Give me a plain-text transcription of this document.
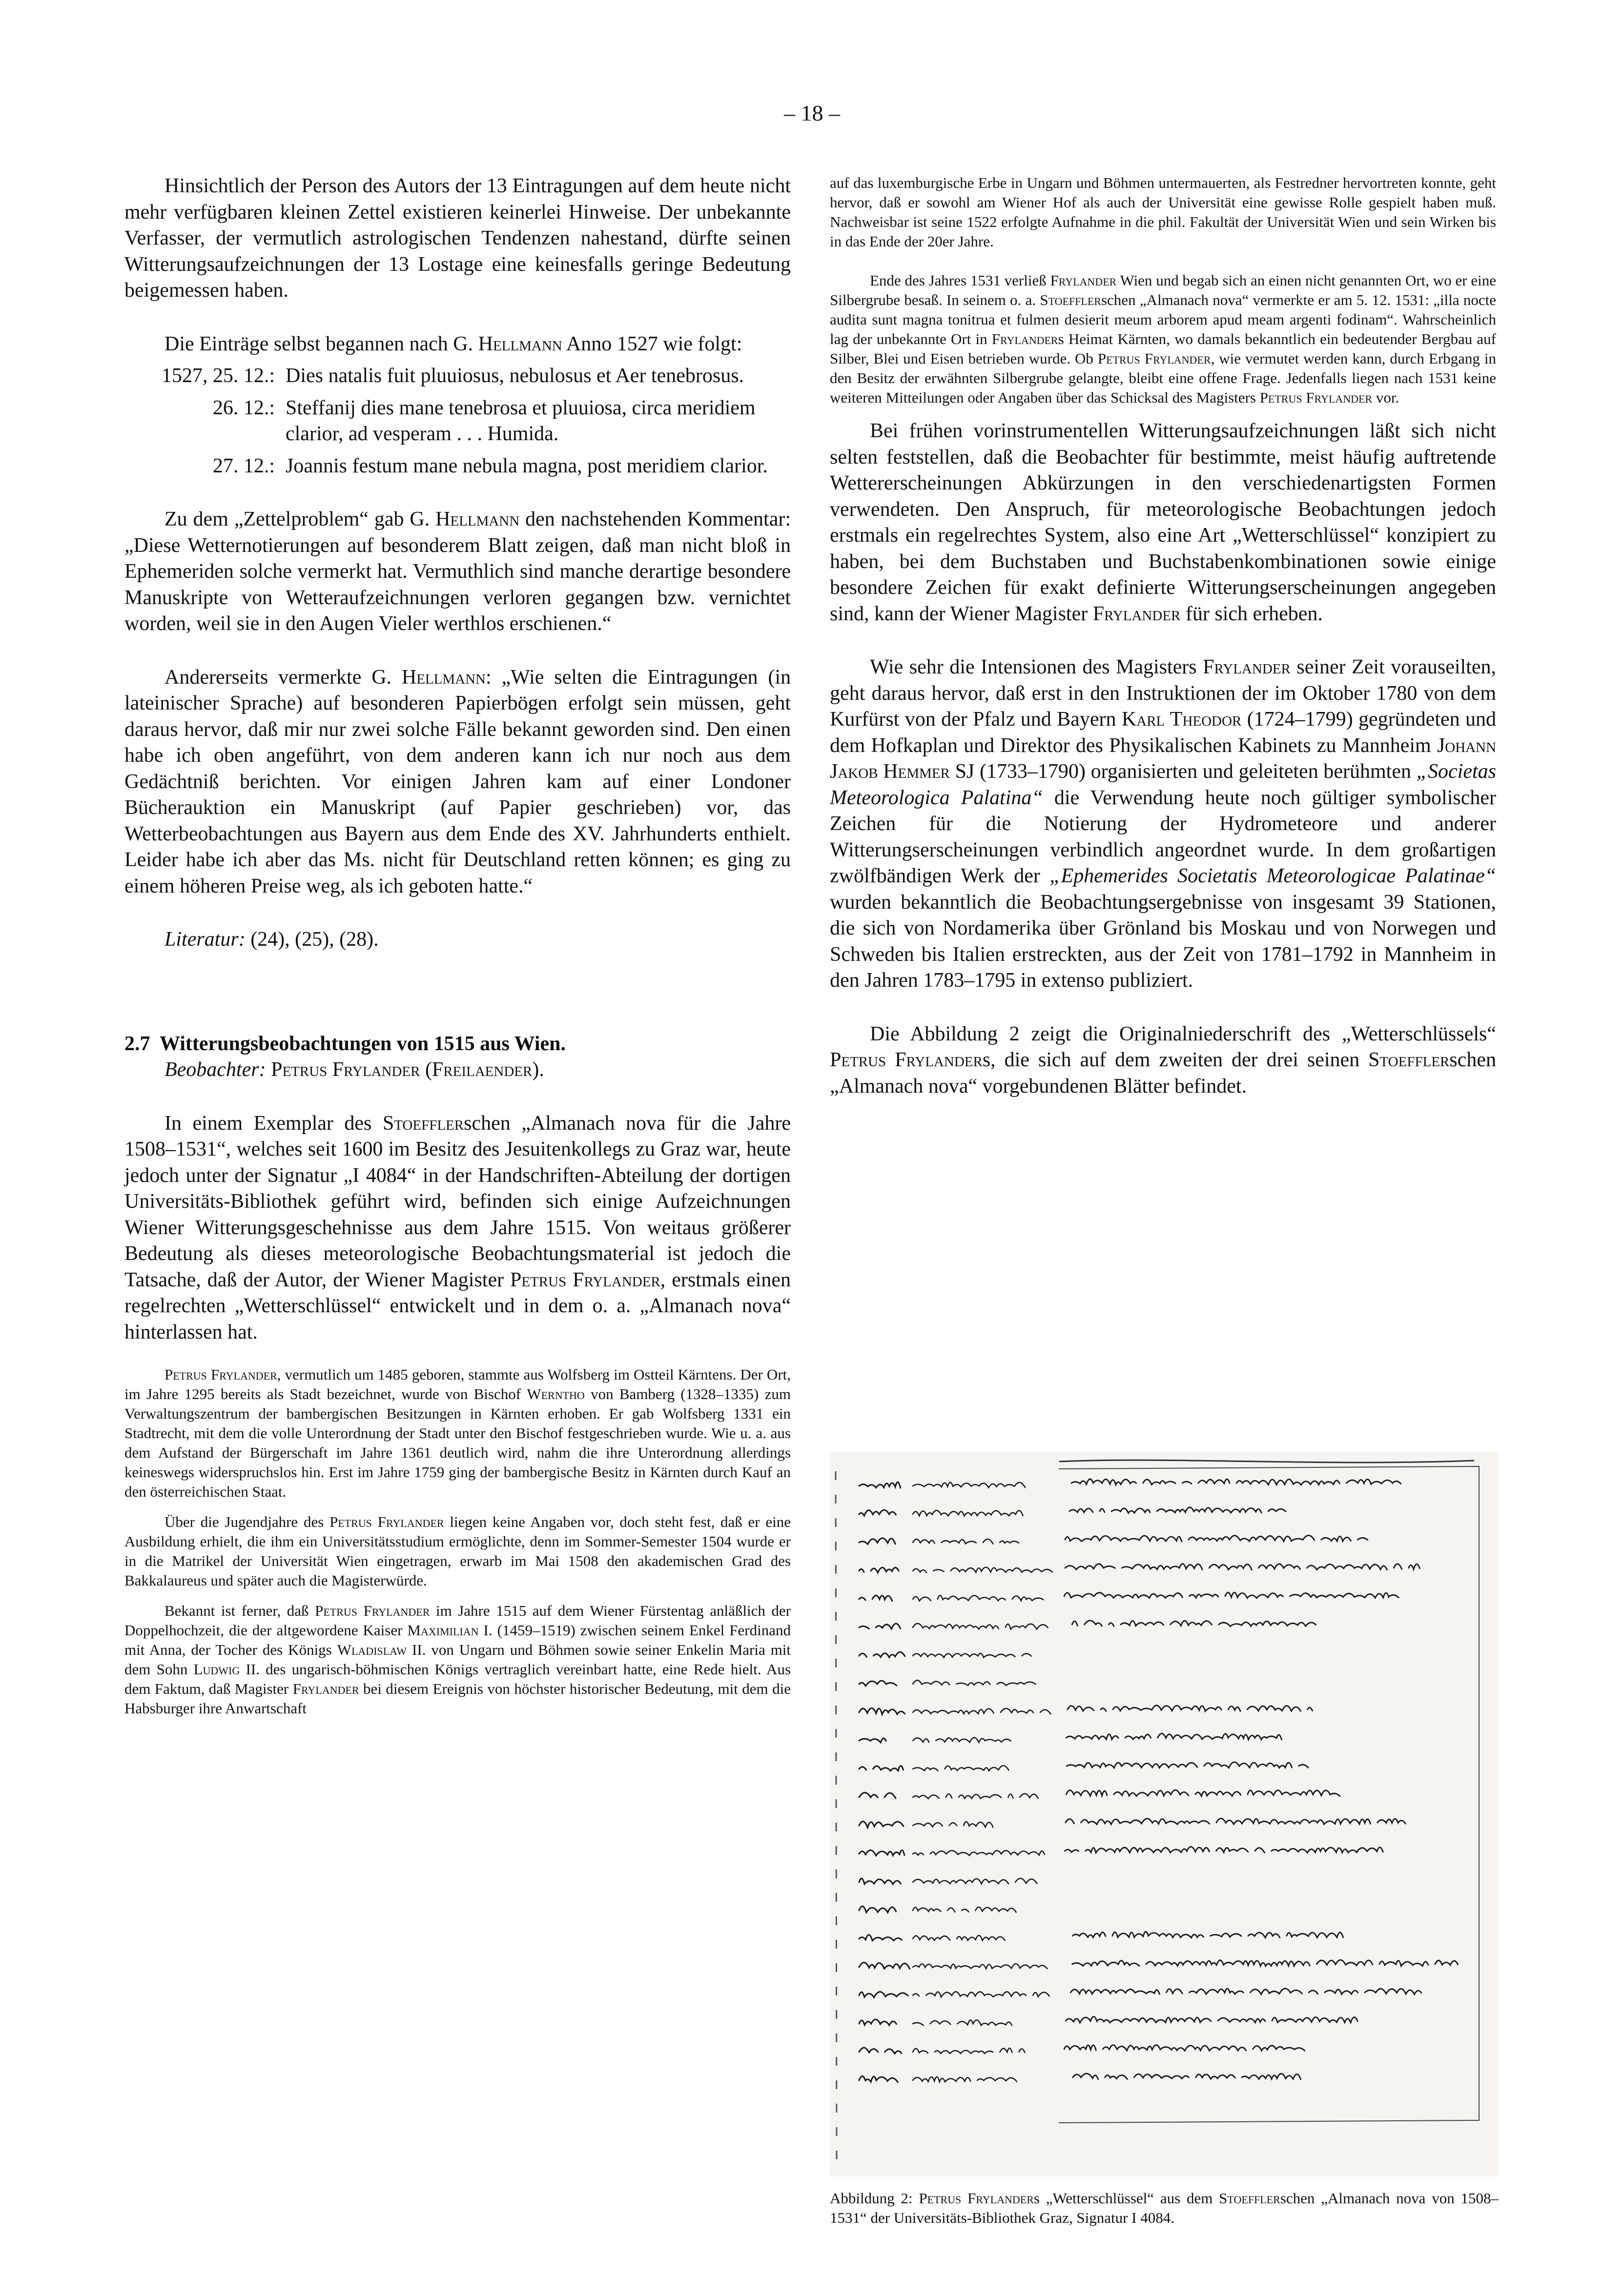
– 18 –

Hinsichtlich der Person des Autors der 13 Eintragungen auf dem heute nicht mehr verfügbaren kleinen Zettel existieren keinerlei Hinweise. Der unbekannte Verfasser, der vermutlich astrologischen Tendenzen nahestand, dürfte seinen Witterungsaufzeichnungen der 13 Lostage eine keinesfalls geringe Bedeutung beigemessen haben.

Die Einträge selbst begannen nach G. Hellmann Anno 1527 wie folgt:

1527, 25. 12.: Dies natalis fuit pluuiosus, nebulosus et Aer tenebrosus.
26. 12.: Steffanij dies mane tenebrosa et pluuiosa, circa meridiem clarior, ad vesperam . . . Humida.
27. 12.: Joannis festum mane nebula magna, post meridiem clarior.

Zu dem „Zettelproblem“ gab G. Hellmann den nachstehenden Kommentar: „Diese Wetternotierungen auf besonderem Blatt zeigen, daß man nicht bloß in Ephemeriden solche vermerkt hat. Vermuthlich sind manche derartige besondere Manuskripte von Wetteraufzeichnungen verloren gegangen bzw. vernichtet worden, weil sie in den Augen Vieler werthlos erschienen.“

Andererseits vermerkte G. Hellmann: „Wie selten die Eintragungen (in lateinischer Sprache) auf besonderen Papierbögen erfolgt sein müssen, geht daraus hervor, daß mir nur zwei solche Fälle bekannt geworden sind. Den einen habe ich oben angeführt, von dem anderen kann ich nur noch aus dem Gedächtniß berichten. Vor einigen Jahren kam auf einer Londoner Bücherauktion ein Manuskript (auf Papier geschrieben) vor, das Wetterbeobachtungen aus Bayern aus dem Ende des XV. Jahrhunderts enthielt. Leider habe ich aber das Ms. nicht für Deutschland retten können; es ging zu einem höheren Preise weg, als ich geboten hatte.“

Literatur: (24), (25), (28).

2.7 Witterungsbeobachtungen von 1515 aus Wien.

Beobachter: Petrus Frylander (Freilaender).

In einem Exemplar des Stoefflerschen „Almanach nova für die Jahre 1508–1531“, welches seit 1600 im Besitz des Jesuitenkollegs zu Graz war, heute jedoch unter der Signatur „I 4084“ in der Handschriften-Abteilung der dortigen Universitäts-Bibliothek geführt wird, befinden sich einige Aufzeichnungen Wiener Witterungsgeschehnisse aus dem Jahre 1515. Von weitaus größerer Bedeutung als dieses meteorologische Beobachtungsmaterial ist jedoch die Tatsache, daß der Autor, der Wiener Magister Petrus Frylander, erstmals einen regelrechten „Wetterschlüssel“ entwickelt und in dem o. a. „Almanach nova“ hinterlassen hat.

Petrus Frylander, vermutlich um 1485 geboren, stammte aus Wolfsberg im Ostteil Kärntens. Der Ort, im Jahre 1295 bereits als Stadt bezeichnet, wurde von Bischof Werntho von Bamberg (1328–1335) zum Verwaltungszentrum der bambergischen Besitzungen in Kärnten erhoben. Er gab Wolfsberg 1331 ein Stadtrecht, mit dem die volle Unterordnung der Stadt unter den Bischof festgeschrieben wurde. Wie u. a. aus dem Aufstand der Bürgerschaft im Jahre 1361 deutlich wird, nahm die ihre Unterordnung allerdings keineswegs widerspruchslos hin. Erst im Jahre 1759 ging der bambergische Besitz in Kärnten durch Kauf an den österreichischen Staat.

Über die Jugendjahre des Petrus Frylander liegen keine Angaben vor, doch steht fest, daß er eine Ausbildung erhielt, die ihm ein Universitätsstudium ermöglichte, denn im Sommer-Semester 1504 wurde er in die Matrikel der Universität Wien eingetragen, erwarb im Mai 1508 den akademischen Grad des Bakkalaureus und später auch die Magisterwürde.

Bekannt ist ferner, daß Petrus Frylander im Jahre 1515 auf dem Wiener Fürstentag anläßlich der Doppelhochzeit, die der altgewordene Kaiser Maximilian I. (1459–1519) zwischen seinem Enkel Ferdinand mit Anna, der Tocher des Königs Wladislaw II. von Ungarn und Böhmen sowie seiner Enkelin Maria mit dem Sohn Ludwig II. des ungarisch-böhmischen Königs vertraglich vereinbart hatte, eine Rede hielt. Aus dem Faktum, daß Magister Frylander bei diesem Ereignis von höchster historischer Bedeutung, mit dem die Habsburger ihre Anwartschaft

auf das luxemburgische Erbe in Ungarn und Böhmen untermauerten, als Festredner hervortreten konnte, geht hervor, daß er sowohl am Wiener Hof als auch der Universität eine gewisse Rolle gespielt haben muß. Nachweisbar ist seine 1522 erfolgte Aufnahme in die phil. Fakultät der Universität Wien und sein Wirken bis in das Ende der 20er Jahre.

Ende des Jahres 1531 verließ Frylander Wien und begab sich an einen nicht genannten Ort, wo er eine Silbergrube besaß. In seinem o. a. Stoefflerschen „Almanach nova“ vermerkte er am 5. 12. 1531: „illa nocte audita sunt magna tonitrua et fulmen desierit meum arborem apud meam argenti fodinam“. Wahrscheinlich lag der unbekannte Ort in Frylanders Heimat Kärnten, wo damals bekanntlich ein bedeutender Bergbau auf Silber, Blei und Eisen betrieben wurde. Ob Petrus Frylander, wie vermutet werden kann, durch Erbgang in den Besitz der erwähnten Silbergrube gelangte, bleibt eine offene Frage. Jedenfalls liegen nach 1531 keine weiteren Mitteilungen oder Angaben über das Schicksal des Magisters Petrus Frylander vor.

Bei frühen vorinstrumentellen Witterungsaufzeichnungen läßt sich nicht selten feststellen, daß die Beobachter für bestimmte, meist häufig auftretende Wettererscheinungen Abkürzungen in den verschiedenartigsten Formen verwendeten. Den Anspruch, für meteorologische Beobachtungen jedoch erstmals ein regelrechtes System, also eine Art „Wetterschlüssel“ konzipiert zu haben, bei dem Buchstaben und Buchstabenkombinationen sowie einige besondere Zeichen für exakt definierte Witterungserscheinungen angegeben sind, kann der Wiener Magister Frylander für sich erheben.

Wie sehr die Intensionen des Magisters Frylander seiner Zeit vorauseilten, geht daraus hervor, daß erst in den Instruktionen der im Oktober 1780 von dem Kurfürst von der Pfalz und Bayern Karl Theodor (1724–1799) gegründeten und dem Hofkaplan und Direktor des Physikalischen Kabinets zu Mannheim Johann Jakob Hemmer SJ (1733–1790) organisierten und geleiteten berühmten „Societas Meteorologica Palatina“ die Verwendung heute noch gültiger symbolischer Zeichen für die Notierung der Hydrometeore und anderer Witterungserscheinungen verbindlich angeordnet wurde. In dem großartigen zwölfbändigen Werk der „Ephemerides Societatis Meteorologicae Palatinae“ wurden bekanntlich die Beobachtungsergebnisse von insgesamt 39 Stationen, die sich von Nordamerika über Grönland bis Moskau und von Norwegen und Schweden bis Italien erstreckten, aus der Zeit von 1781–1792 in Mannheim in den Jahren 1783–1795 in extenso publiziert.

Die Abbildung 2 zeigt die Originalniederschrift des „Wetterschlüssels“ Petrus Frylanders, die sich auf dem zweiten der drei seinen Stoefflerschen „Almanach nova“ vorgebundenen Blätter befindet.

Abbildung 2: Petrus Frylanders „Wetterschlüssel“ aus dem Stoefflerschen „Almanach nova von 1508–1531“ der Universitäts-Bibliothek Graz, Signatur I 4084.
